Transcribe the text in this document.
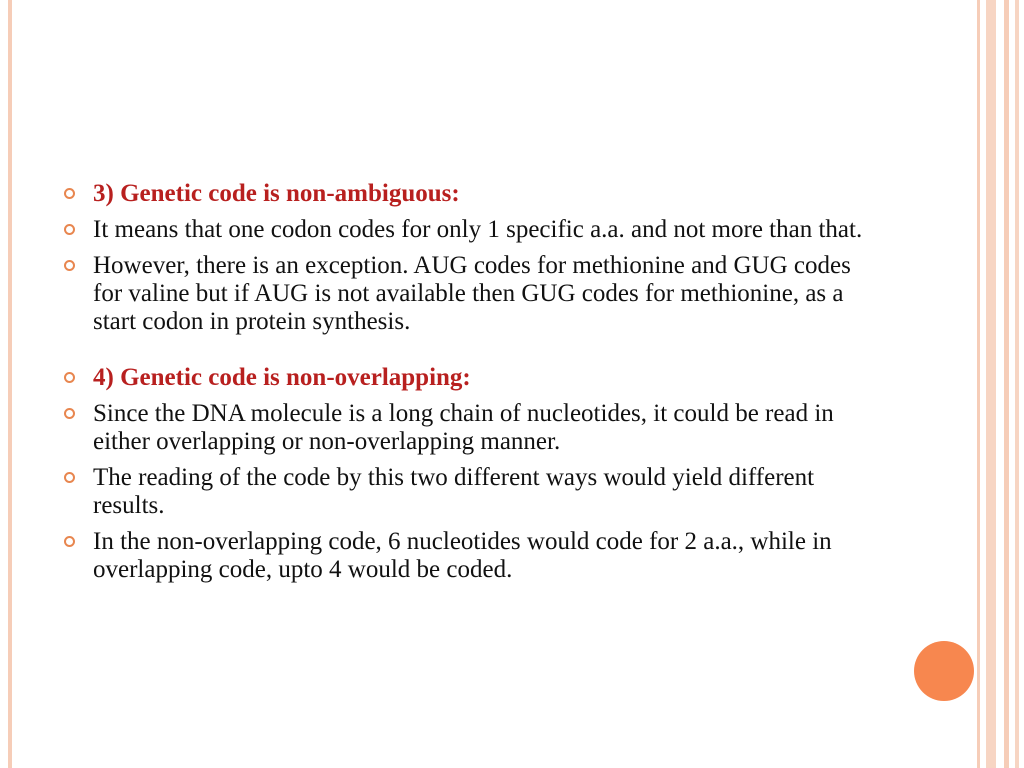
3) Genetic code is non-ambiguous:
It means that one codon codes for only 1 specific a.a. and not more than that.
However, there is an exception. AUG codes for methionine and GUG codes for valine but if AUG is not available then GUG codes for methionine, as a start codon in protein synthesis.
4) Genetic code is non-overlapping:
Since the DNA molecule is a long chain of nucleotides, it could be read in either overlapping or non-overlapping manner.
The reading of the code by this two different ways would yield different results.
In the non-overlapping code, 6 nucleotides would code for 2 a.a., while in overlapping code, upto 4 would be coded.
